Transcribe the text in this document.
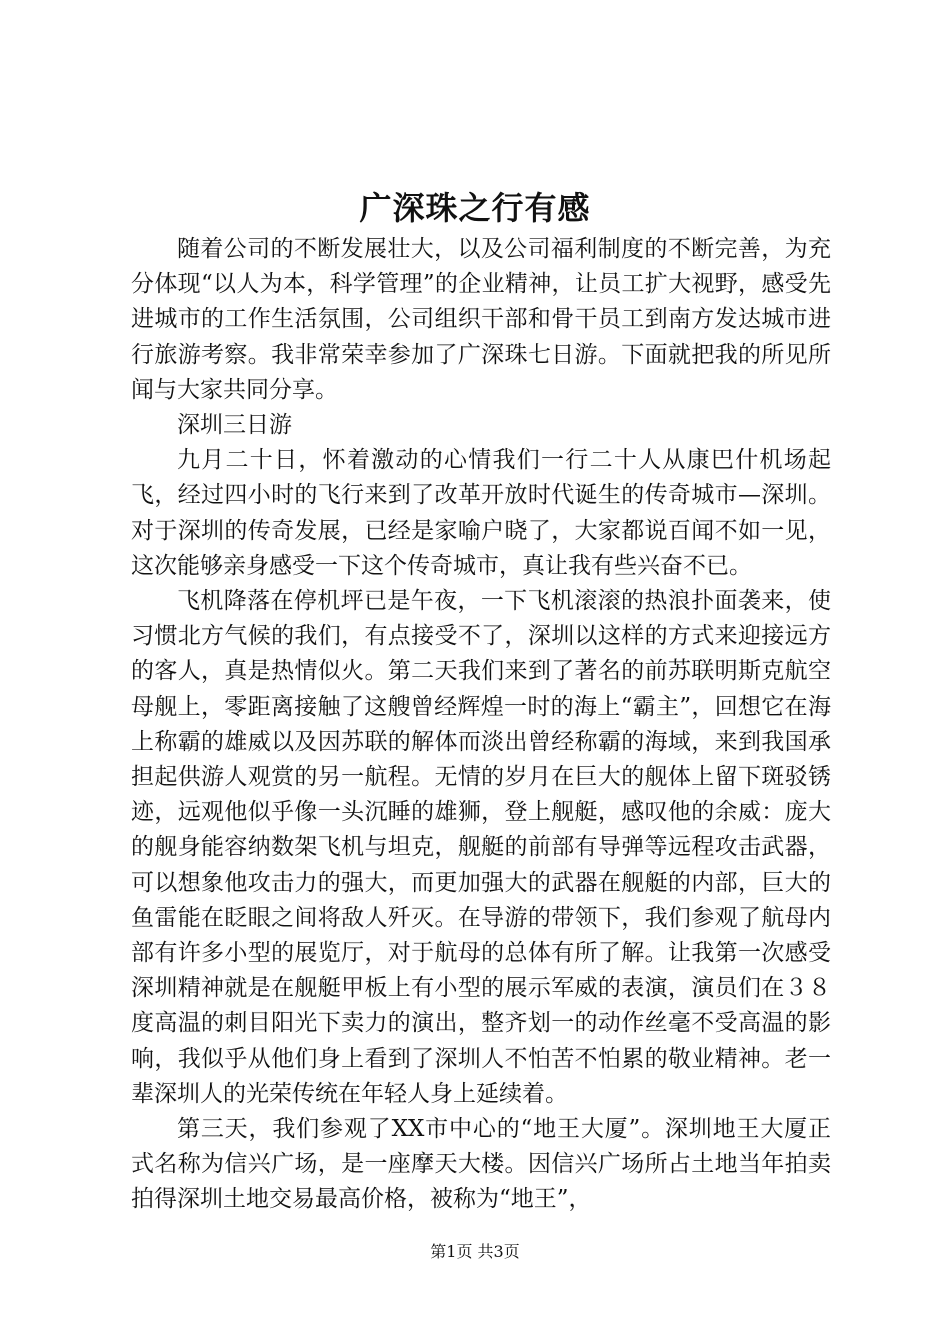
广深珠之行有感

随着公司的不断发展壮大，以及公司福利制度的不断完善，为充分体现“以人为本，科学管理”的企业精神，让员工扩大视野，感受先进城市的工作生活氛围，公司组织干部和骨干员工到南方发达城市进行旅游考察。我非常荣幸参加了广深珠七日游。下面就把我的所见所闻与大家共同分享。

深圳三日游

九月二十日，怀着激动的心情我们一行二十人从康巴什机场起飞，经过四小时的飞行来到了改革开放时代诞生的传奇城市—深圳。对于深圳的传奇发展，已经是家喻户晓了，大家都说百闻不如一见，这次能够亲身感受一下这个传奇城市，真让我有些兴奋不已。

飞机降落在停机坪已是午夜，一下飞机滚滚的热浪扑面袭来，使习惯北方气候的我们，有点接受不了，深圳以这样的方式来迎接远方的客人，真是热情似火。第二天我们来到了著名的前苏联明斯克航空母舰上，零距离接触了这艘曾经辉煌一时的海上“霸主”，回想它在海上称霸的雄威以及因苏联的解体而淡出曾经称霸的海域，来到我国承担起供游人观赏的另一航程。无情的岁月在巨大的舰体上留下斑驳锈迹，远观他似乎像一头沉睡的雄狮，登上舰艇，感叹他的余威：庞大的舰身能容纳数架飞机与坦克，舰艇的前部有导弹等远程攻击武器，可以想象他攻击力的强大，而更加强大的武器在舰艇的内部，巨大的鱼雷能在眨眼之间将敌人歼灭。在导游的带领下，我们参观了航母内部有许多小型的展览厅，对于航母的总体有所了解。让我第一次感受深圳精神就是在舰艇甲板上有小型的展示军威的表演，演员们在３８度高温的刺目阳光下卖力的演出，整齐划一的动作丝毫不受高温的影响，我似乎从他们身上看到了深圳人不怕苦不怕累的敬业精神。老一辈深圳人的光荣传统在年轻人身上延续着。

第三天，我们参观了XX市中心的“地王大厦”。深圳地王大厦正式名称为信兴广场，是一座摩天大楼。因信兴广场所占土地当年拍卖拍得深圳土地交易最高价格，被称为“地王”，

第1页 共3页
